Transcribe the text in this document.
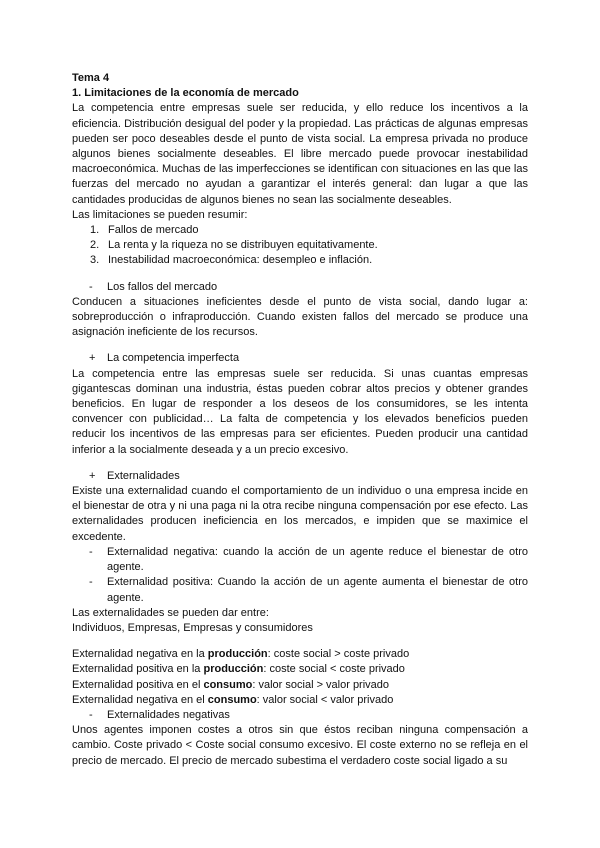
Tema 4

1. Limitaciones de la economía de mercado

La competencia entre empresas suele ser reducida, y ello reduce los incentivos a la eficiencia. Distribución desigual del poder y la propiedad. Las prácticas de algunas empresas pueden ser poco deseables desde el punto de vista social. La empresa privada no produce algunos bienes socialmente deseables. El libre mercado puede provocar inestabilidad macroeconómica. Muchas de las imperfecciones se identifican con situaciones en las que las fuerzas del mercado no ayudan a garantizar el interés general: dan lugar a que las cantidades producidas de algunos bienes no sean las socialmente deseables.

Las limitaciones se pueden resumir:

1. Fallos de mercado
2. La renta y la riqueza no se distribuyen equitativamente.
3. Inestabilidad macroeconómica: desempleo e inflación.
-	Los fallos del mercado

Conducen a situaciones ineficientes desde el punto de vista social, dando lugar a: sobreproducción o infraproducción. Cuando existen fallos del mercado se produce una asignación ineficiente de los recursos.

+	La competencia imperfecta

La competencia entre las empresas suele ser reducida. Si unas cuantas empresas gigantescas dominan una industria, éstas pueden cobrar altos precios y obtener grandes beneficios. En lugar de responder a los deseos de los consumidores, se les intenta convencer con publicidad… La falta de competencia y los elevados beneficios pueden reducir los incentivos de las empresas para ser eficientes. Pueden producir una cantidad inferior a la socialmente deseada y a un precio excesivo.

+	Externalidades

Existe una externalidad cuando el comportamiento de un individuo o una empresa incide en el bienestar de otra y ni una paga ni la otra recibe ninguna compensación por ese efecto. Las externalidades producen ineficiencia en los mercados, e impiden que se maximice el excedente.

-	Externalidad negativa: cuando la acción de un agente reduce el bienestar de otro agente.
-	Externalidad positiva: Cuando la acción de un agente aumenta el bienestar de otro agente.

Las externalidades se pueden dar entre:

Individuos, Empresas, Empresas y consumidores

Externalidad negativa en la producción: coste social > coste privado

Externalidad positiva en la producción: coste social < coste privado

Externalidad positiva en el consumo: valor social > valor privado

Externalidad negativa en el consumo: valor social < valor privado

-	Externalidades negativas

Unos agentes imponen costes a otros sin que éstos reciban ninguna compensación a cambio. Coste privado < Coste social consumo excesivo. El coste externo no se refleja en el precio de mercado. El precio de mercado subestima el verdadero coste social ligado a su
